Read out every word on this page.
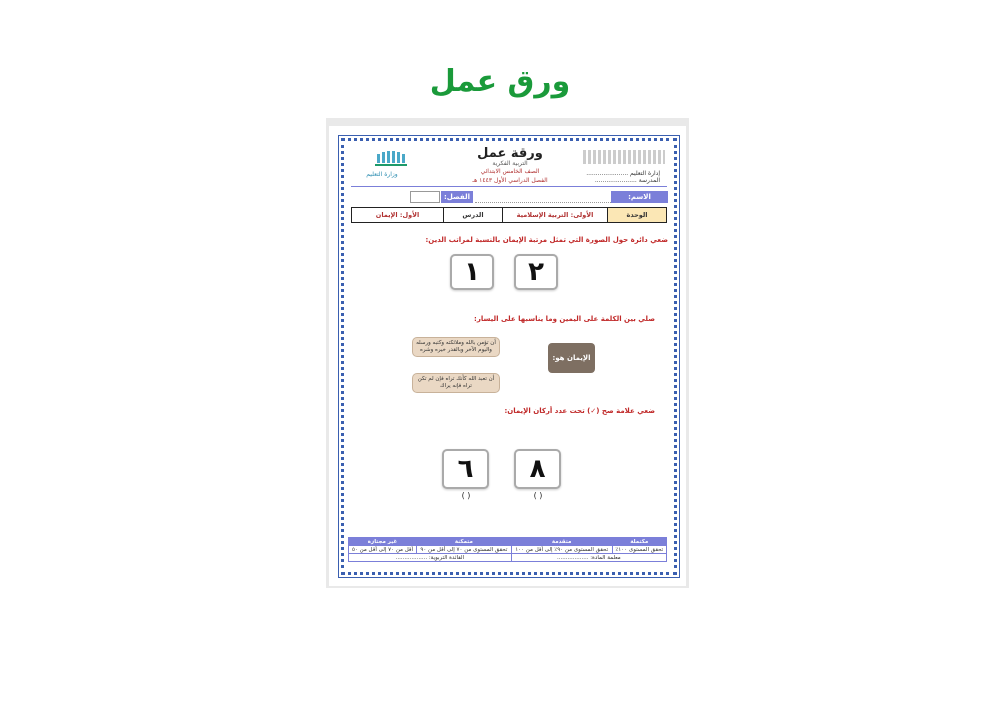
ورق عمل
ورقة عمل
التربية الفكرية
الصف الخامس الابتدائي
الفصل الدراسي الأول ١٤٤٣ هـ
وزارة التعليم	إدارة التعليم ......................
المدرسة ......................
الاسم:
الفصل:
الوحدة	الأولى: التربية الإسلامية	الدرس	الأول: الإيمان
ضعي دائرة حول الصورة التي تمثل مرتبة الإيمان بالنسبة لمراتب الدين:
١	٢
صلي بين الكلمة على اليمين وما يناسبها على اليسار:
الإيمان هو:
أن تؤمن بالله وملائكته وكتبه ورسله واليوم الآخر وبالقدر خيره وشره
أن تعبد الله كأنك تراه فإن لم تكن تراه فإنه يراك
ضعي علامة صح (✓) تحت عدد أركان الإيمان:
٦	٨
( )	( )
مكتملة	متقدمة	متمكنة	غير مجتازة
تحقق المستوى ١٠٠٪	تحقق المستوى من ٩٠٪ إلى أقل من ١٠٠	تحقق المستوى من ٧٠ إلى أقل من ٩٠	أقل من ٧٠ إلى أقل من ٥٠
معلمة المادة: ..................		القائدة التربوية: ..................	
